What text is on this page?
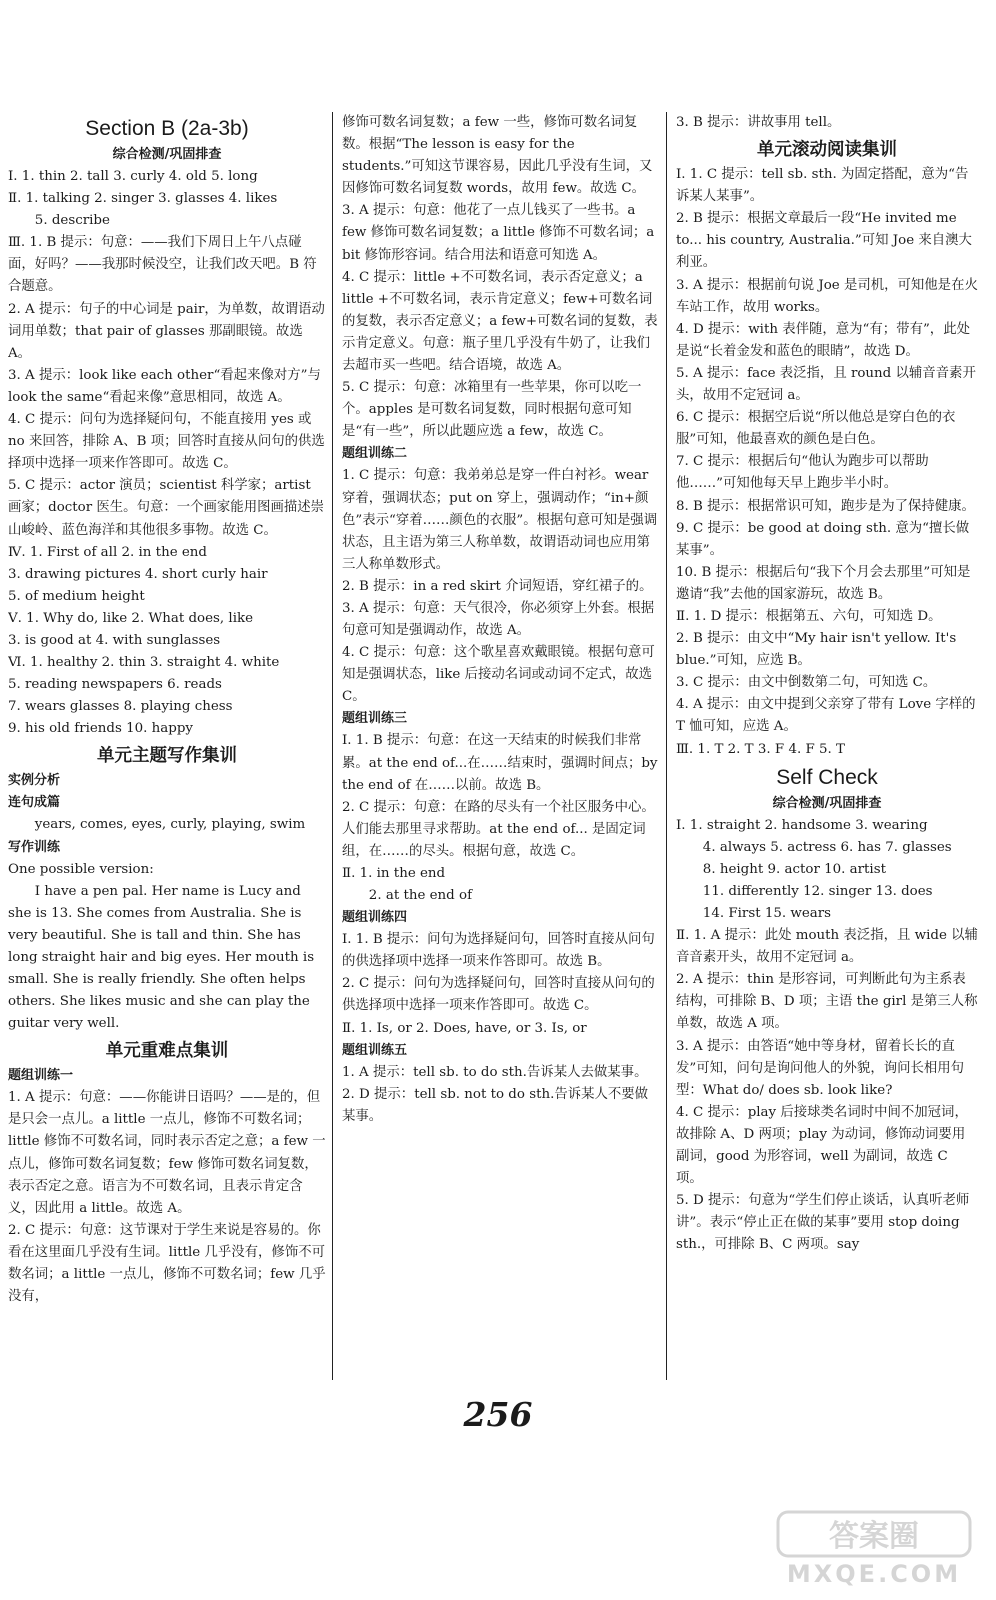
Section B (2a-3b)
综合检测/巩固排查

Ⅰ. 1. thin 2. tall 3. curly 4. old 5. long

Ⅱ. 1. talking 2. singer 3. glasses 4. likes

5. describe

Ⅲ. 1. B 提示：句意：——我们下周日上午八点碰面，好吗？——我那时候没空，让我们改天吧。B 符合题意。

2. A 提示：句子的中心词是 pair，为单数，故谓语动词用单数；that pair of glasses 那副眼镜。故选 A。

3. A 提示：look like each other“看起来像对方”与 look the same“看起来像”意思相同，故选 A。

4. C 提示：问句为选择疑问句，不能直接用 yes 或 no 来回答，排除 A、B 项；回答时直接从问句的供选择项中选择一项来作答即可。故选 C。

5. C 提示：actor 演员；scientist 科学家；artist 画家；doctor 医生。句意：一个画家能用图画描述崇山峻岭、蓝色海洋和其他很多事物。故选 C。

Ⅳ. 1. First of all 2. in the end

3. drawing pictures 4. short curly hair

5. of medium height

Ⅴ. 1. Why do, like 2. What does, like

3. is good at 4. with sunglasses

Ⅵ. 1. healthy 2. thin 3. straight 4. white

5. reading newspapers 6. reads

7. wears glasses 8. playing chess

9. his old friends 10. happy

单元主题写作集训
实例分析
连句成篇

years, comes, eyes, curly, playing, swim

写作训练

One possible version:

I have a pen pal. Her name is Lucy and she is 13. She comes from Australia. She is very beautiful. She is tall and thin. She has long straight hair and big eyes. Her mouth is small. She is really friendly. She often helps others. She likes music and she can play the guitar very well.

单元重难点集训
题组训练一

1. A 提示：句意：——你能讲日语吗？——是的，但是只会一点儿。a little 一点儿，修饰不可数名词；little 修饰不可数名词，同时表示否定之意；a few 一点儿，修饰可数名词复数；few 修饰可数名词复数，表示否定之意。语言为不可数名词，且表示肯定含义，因此用 a little。故选 A。

2. C 提示：句意：这节课对于学生来说是容易的。你看在这里面几乎没有生词。little 几乎没有，修饰不可数名词；a little 一点儿，修饰不可数名词；few 几乎没有，

修饰可数名词复数；a few 一些，修饰可数名词复数。根据“The lesson is easy for the students.”可知这节课容易，因此几乎没有生词，又因修饰可数名词复数 words，故用 few。故选 C。

3. A 提示：句意：他花了一点儿钱买了一些书。a few 修饰可数名词复数；a little 修饰不可数名词；a bit 修饰形容词。结合用法和语意可知选 A。

4. C 提示：little +不可数名词，表示否定意义；a little +不可数名词，表示肯定意义；few+可数名词的复数，表示否定意义；a few+可数名词的复数，表示肯定意义。句意：瓶子里几乎没有牛奶了，让我们去超市买一些吧。结合语境，故选 A。

5. C 提示：句意：冰箱里有一些苹果，你可以吃一个。apples 是可数名词复数，同时根据句意可知是“有一些”，所以此题应选 a few，故选 C。

题组训练二

1. C 提示：句意：我弟弟总是穿一件白衬衫。wear 穿着，强调状态；put on 穿上，强调动作；“in+颜色”表示“穿着……颜色的衣服”。根据句意可知是强调状态，且主语为第三人称单数，故谓语动词也应用第三人称单数形式。

2. B 提示：in a red skirt 介词短语，穿红裙子的。

3. A 提示：句意：天气很冷，你必须穿上外套。根据句意可知是强调动作，故选 A。

4. C 提示：句意：这个歌星喜欢戴眼镜。根据句意可知是强调状态，like 后接动名词或动词不定式，故选 C。

题组训练三

Ⅰ. 1. B 提示：句意：在这一天结束的时候我们非常累。at the end of...在……结束时，强调时间点；by the end of 在……以前。故选 B。

2. C 提示：句意：在路的尽头有一个社区服务中心。人们能去那里寻求帮助。at the end of... 是固定词组，在……的尽头。根据句意，故选 C。

Ⅱ. 1. in the end

2. at the end of

题组训练四

Ⅰ. 1. B 提示：问句为选择疑问句，回答时直接从问句的供选择项中选择一项来作答即可。故选 B。

2. C 提示：问句为选择疑问句，回答时直接从问句的供选择项中选择一项来作答即可。故选 C。

Ⅱ. 1. Is, or 2. Does, have, or 3. Is, or

题组训练五

1. A 提示：tell sb. to do sth.告诉某人去做某事。

2. D 提示：tell sb. not to do sth.告诉某人不要做某事。

3. B 提示：讲故事用 tell。

单元滚动阅读集训

Ⅰ. 1. C 提示：tell sb. sth. 为固定搭配，意为“告诉某人某事”。

2. B 提示：根据文章最后一段“He invited me to... his country, Australia.”可知 Joe 来自澳大利亚。

3. A 提示：根据前句说 Joe 是司机，可知他是在火车站工作，故用 works。

4. D 提示：with 表伴随，意为“有；带有”，此处是说“长着金发和蓝色的眼睛”，故选 D。

5. A 提示：face 表泛指，且 round 以辅音音素开头，故用不定冠词 a。

6. C 提示：根据空后说“所以他总是穿白色的衣服”可知，他最喜欢的颜色是白色。

7. C 提示：根据后句“他认为跑步可以帮助他……”可知他每天早上跑步半小时。

8. B 提示：根据常识可知，跑步是为了保持健康。

9. C 提示：be good at doing sth. 意为“擅长做某事”。

10. B 提示：根据后句“我下个月会去那里”可知是邀请“我”去他的国家游玩，故选 B。

Ⅱ. 1. D 提示：根据第五、六句，可知选 D。

2. B 提示：由文中“My hair isn't yellow. It's blue.”可知，应选 B。

3. C 提示：由文中倒数第二句，可知选 C。

4. A 提示：由文中提到父亲穿了带有 Love 字样的 T 恤可知，应选 A。

Ⅲ. 1. T 2. T 3. F 4. F 5. T

Self Check
综合检测/巩固排查

Ⅰ. 1. straight 2. handsome 3. wearing

4. always 5. actress 6. has 7. glasses

8. height 9. actor 10. artist

11. differently 12. singer 13. does

14. First 15. wears

Ⅱ. 1. A 提示：此处 mouth 表泛指，且 wide 以辅音音素开头，故用不定冠词 a。

2. A 提示：thin 是形容词，可判断此句为主系表结构，可排除 B、D 项；主语 the girl 是第三人称单数，故选 A 项。

3. A 提示：由答语“她中等身材，留着长长的直发”可知，问句是询问他人的外貌，询问长相用句型：What do/ does sb. look like?

4. C 提示：play 后接球类名词时中间不加冠词，故排除 A、D 两项；play 为动词，修饰动词要用副词，good 为形容词，well 为副词，故选 C 项。

5. D 提示：句意为“学生们停止谈话，认真听老师讲”。表示“停止正在做的某事”要用 stop doing sth.，可排除 B、C 两项。say

256
答案圈
MXQE.COM
